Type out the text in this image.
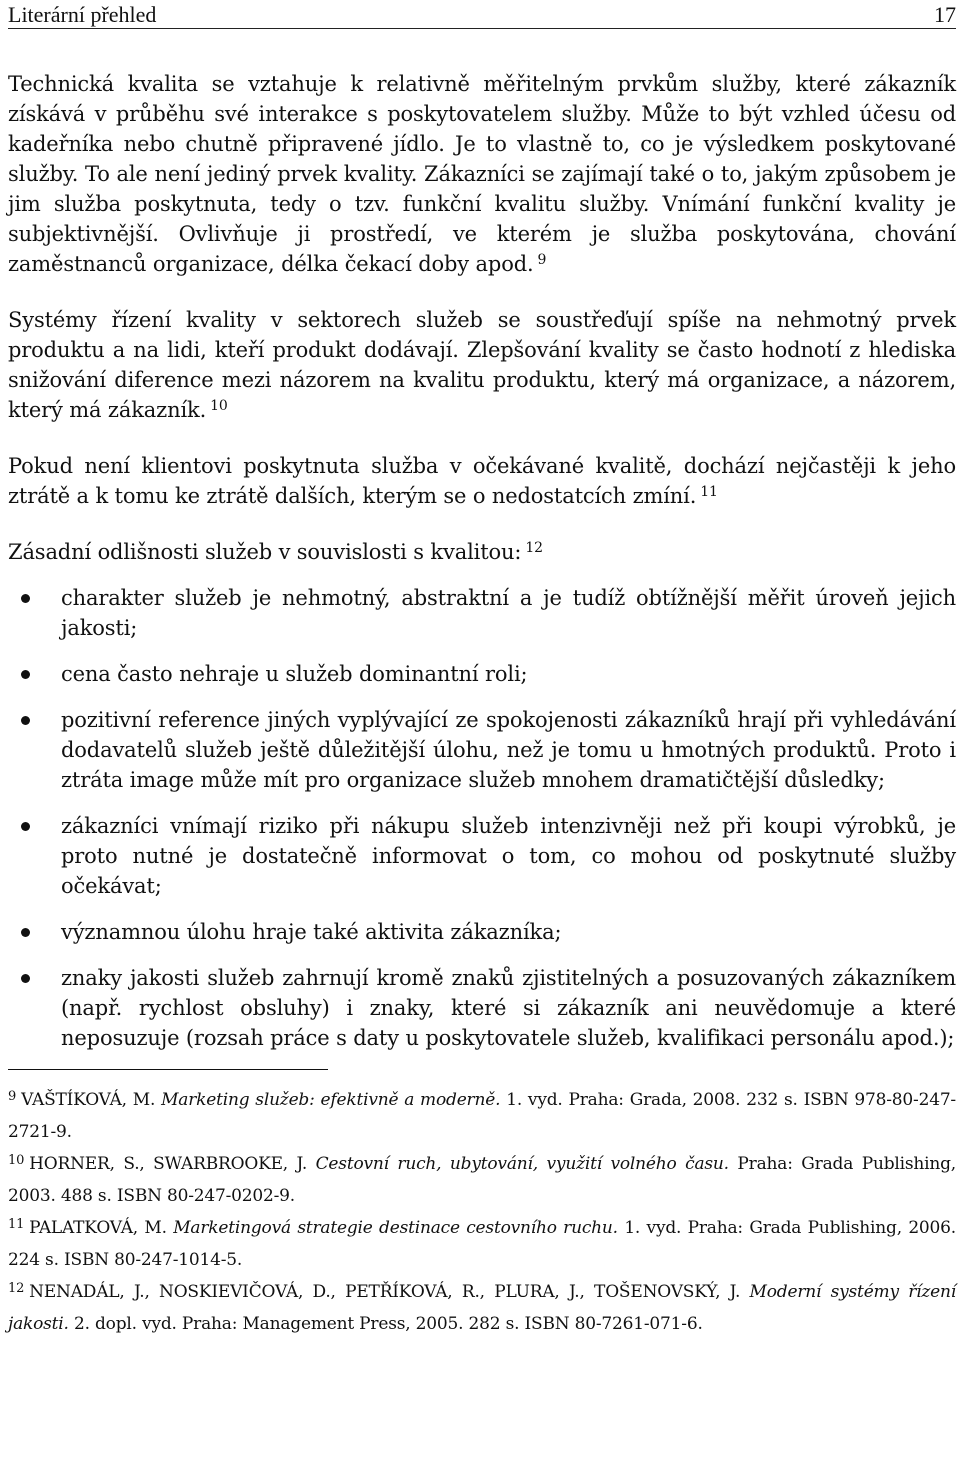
Literární přehled	17

Technická kvalita se vztahuje k relativně měřitelným prvkům služby, které zákazník získává v průběhu své interakce s poskytovatelem služby. Může to být vzhled účesu od kadeřníka nebo chutně připravené jídlo. Je to vlastně to, co je výsledkem poskytované služby. To ale není jediný prvek kvality. Zákazníci se zajímají také o to, jakým způsobem je jim služba poskytnuta, tedy o tzv. funkční kvalitu služby. Vnímání funkční kvality je subjektivnější. Ovlivňuje ji prostředí, ve kterém je služba poskytována, chování zaměstnanců organizace, délka čekací doby apod. $^9$

Systémy řízení kvality v sektorech služeb se soustřeďují spíše na nehmotný prvek produktu a na lidi, kteří produkt dodávají. Zlepšování kvality se často hodnotí z hlediska snižování diference mezi názorem na kvalitu produktu, který má organizace, a názorem, který má zákazník. $^{10}$

Pokud není klientovi poskytnuta služba v očekávané kvalitě, dochází nejčastěji k jeho ztrátě a k tomu ke ztrátě dalších, kterým se o nedostatcích zmíní. $^{11}$

Zásadní odlišnosti služeb v souvislosti s kvalitou: $^{12}$

charakter služeb je nehmotný, abstraktní a je tudíž obtížnější měřit úroveň jejich jakosti;
cena často nehraje u služeb dominantní roli;
pozitivní reference jiných vyplývající ze spokojenosti zákazníků hrají při vyhledávání dodavatelů služeb ještě důležitější úlohu, než je tomu u hmotných produktů. Proto i ztráta image může mít pro organizace služeb mnohem dramatičtější důsledky;
zákazníci vnímají riziko při nákupu služeb intenzivněji než při koupi výrobků, je proto nutné je dostatečně informovat o tom, co mohou od poskytnuté služby očekávat;
významnou úlohu hraje také aktivita zákazníka;
znaky jakosti služeb zahrnují kromě znaků zjistitelných a posuzovaných zákazníkem (např. rychlost obsluhy) i znaky, které si zákazník ani neuvědomuje a které neposuzuje (rozsah práce s daty u poskytovatele služeb, kvalifikaci personálu apod.);

$^9$ VAŠTÍKOVÁ, M. Marketing služeb: efektivně a moderně. 1. vyd. Praha: Grada, 2008. 232 s. ISBN 978-80-247-2721-9.

$^{10}$ HORNER, S., SWARBROOKE, J. Cestovní ruch, ubytování, využití volného času. Praha: Grada Publishing, 2003. 488 s. ISBN 80-247-0202-9.

$^{11}$ PALATKOVÁ, M. Marketingová strategie destinace cestovního ruchu. 1. vyd. Praha: Grada Publishing, 2006. 224 s. ISBN 80-247-1014-5.

$^{12}$ NENADÁL, J., NOSKIEVIČOVÁ, D., PETŘÍKOVÁ, R., PLURA, J., TOŠENOVSKÝ, J. Moderní systémy řízení jakosti. 2. dopl. vyd. Praha: Management Press, 2005. 282 s. ISBN 80-7261-071-6.
